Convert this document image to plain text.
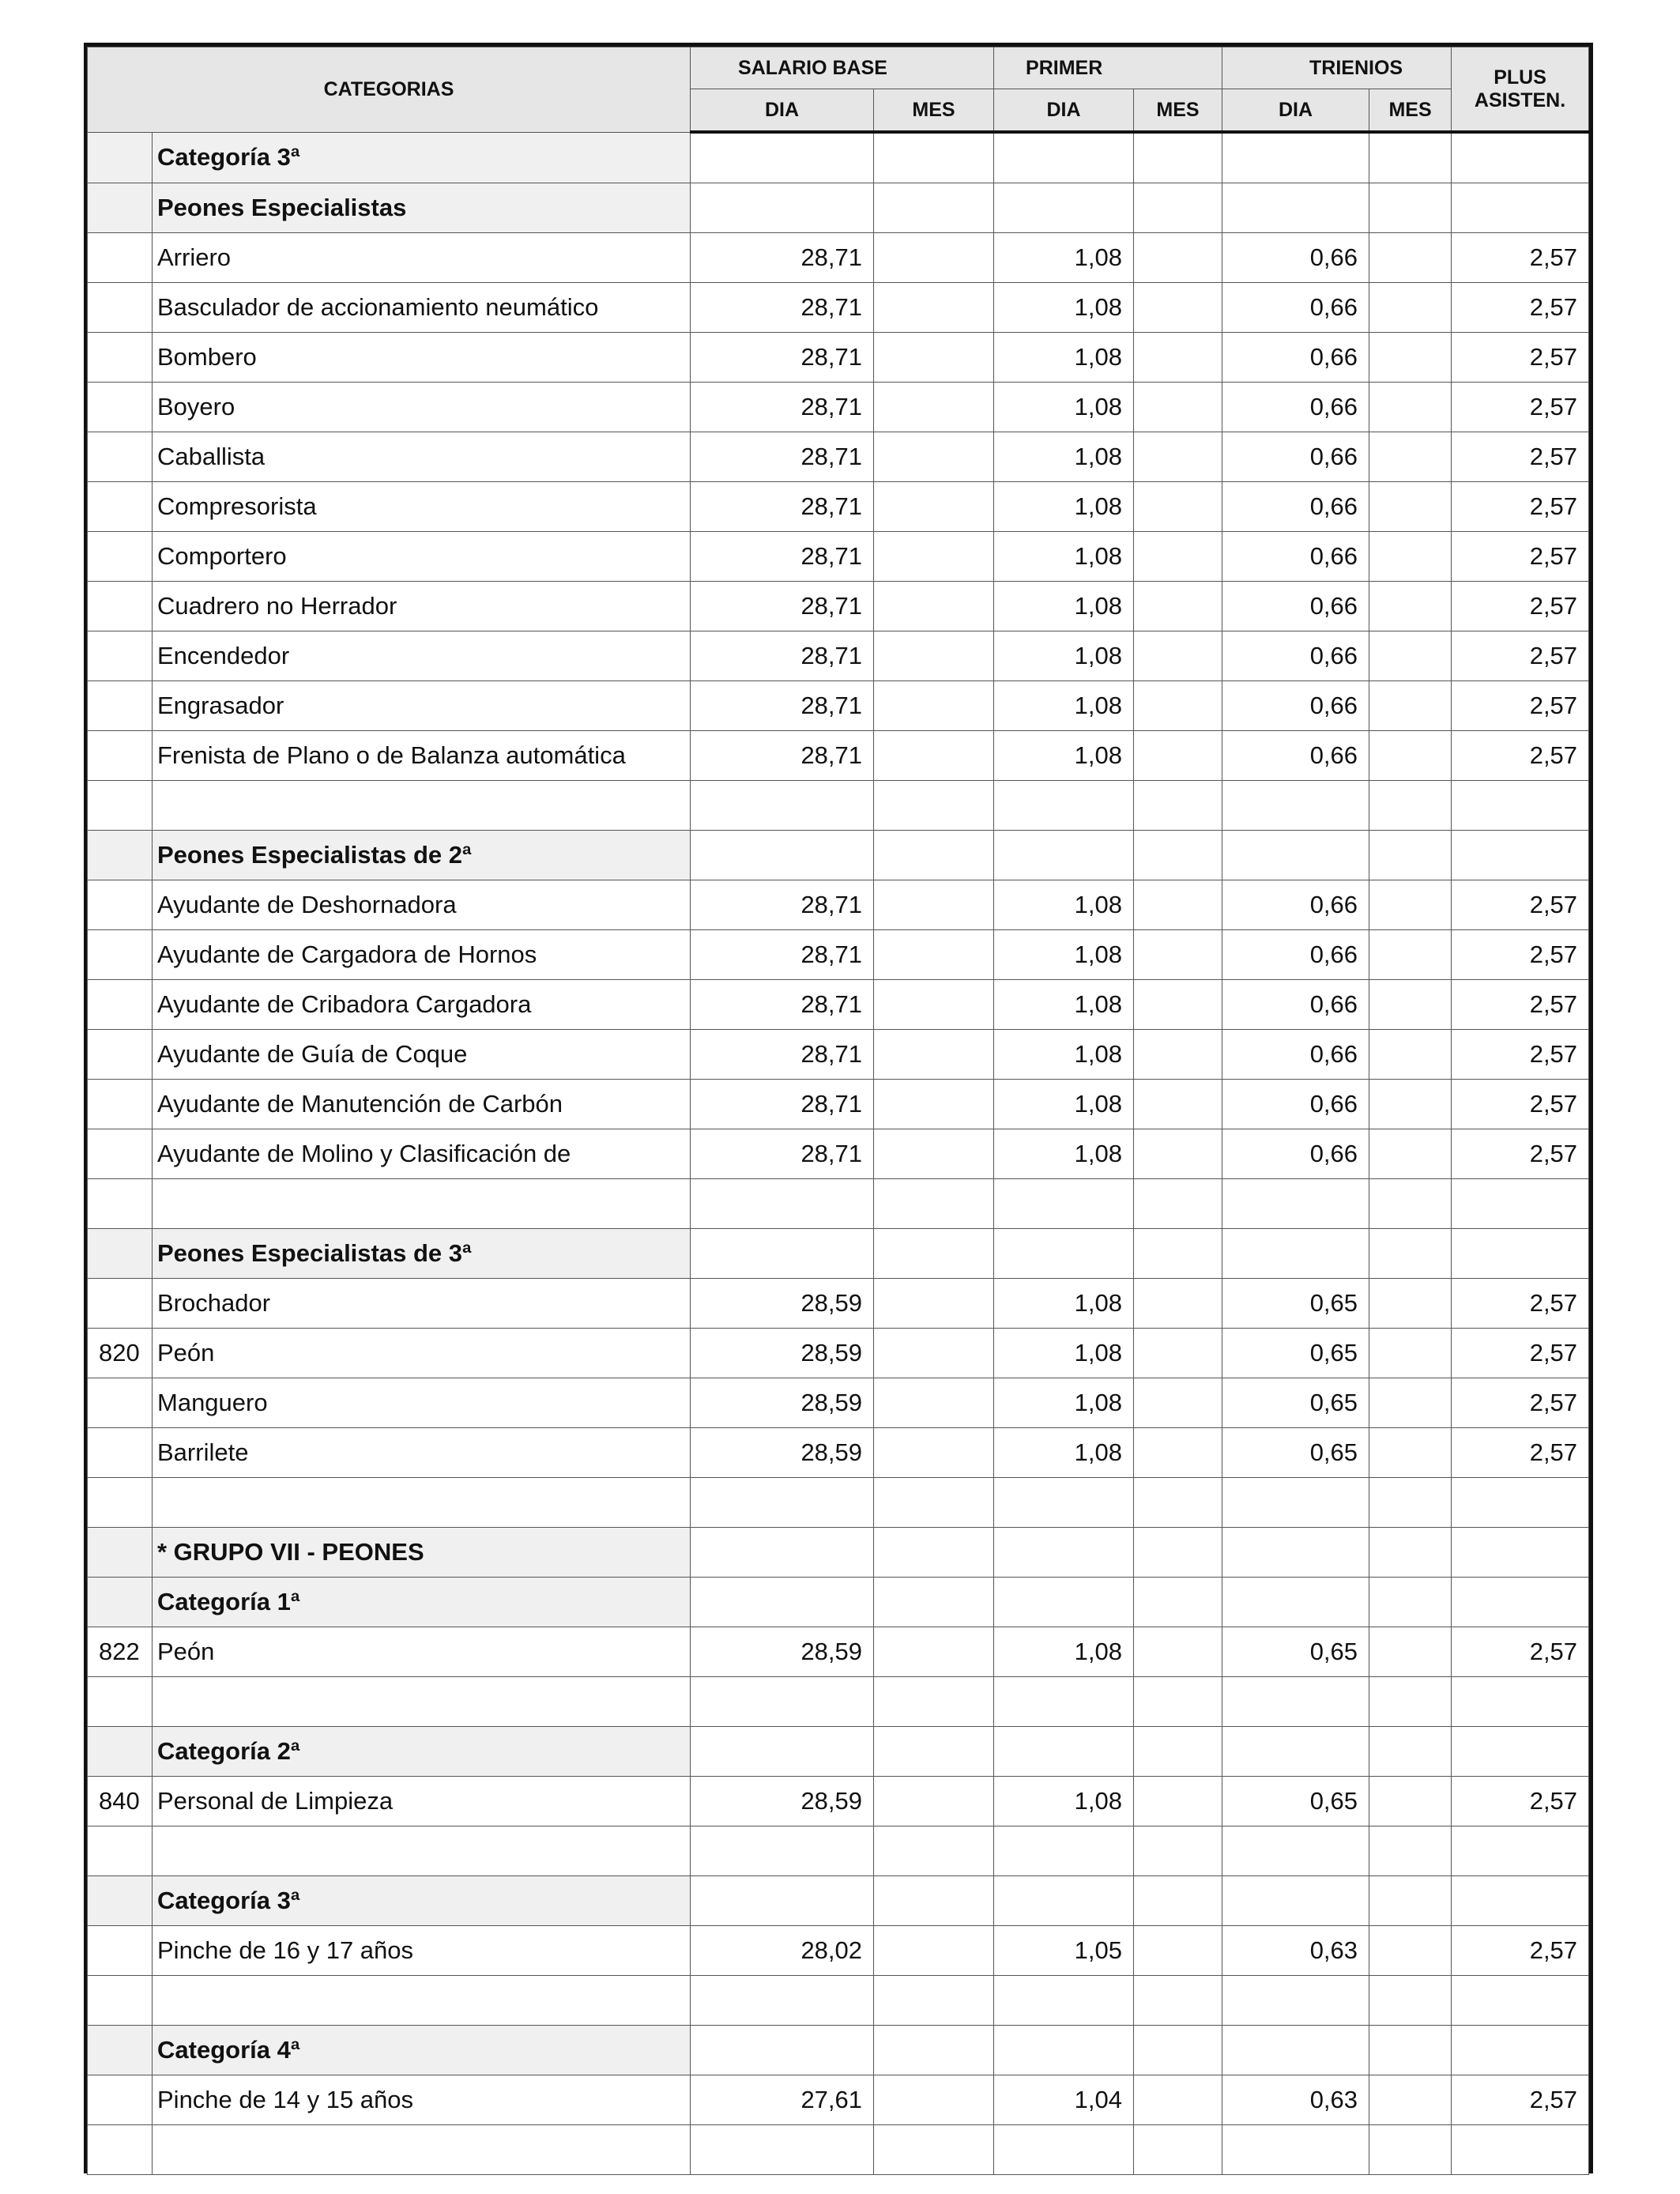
CATEGORIAS		SALARIO BASE		PRIMER		TRIENIOS		PLUS
ASISTEN.
		DIA	MES	DIA	MES	DIA	MES	
	Categoría 3ª							
	Peones Especialistas							
	Arriero	28,71		1,08		0,66		2,57
	Basculador de accionamiento neumático	28,71		1,08		0,66		2,57
	Bombero	28,71		1,08		0,66		2,57
	Boyero	28,71		1,08		0,66		2,57
	Caballista	28,71		1,08		0,66		2,57
	Compresorista	28,71		1,08		0,66		2,57
	Comportero	28,71		1,08		0,66		2,57
	Cuadrero no Herrador	28,71		1,08		0,66		2,57
	Encendedor	28,71		1,08		0,66		2,57
	Engrasador	28,71		1,08		0,66		2,57
	Frenista de Plano o de Balanza automática	28,71		1,08		0,66		2,57

	Peones Especialistas de 2ª							
	Ayudante de Deshornadora	28,71		1,08		0,66		2,57
	Ayudante de Cargadora de Hornos	28,71		1,08		0,66		2,57
	Ayudante de Cribadora Cargadora	28,71		1,08		0,66		2,57
	Ayudante de Guía de Coque	28,71		1,08		0,66		2,57
	Ayudante de Manutención de Carbón	28,71		1,08		0,66		2,57
	Ayudante de Molino y Clasificación de	28,71		1,08		0,66		2,57

	Peones Especialistas de 3ª							
	Brochador	28,59		1,08		0,65		2,57
820	Peón	28,59		1,08		0,65		2,57
	Manguero	28,59		1,08		0,65		2,57
	Barrilete	28,59		1,08		0,65		2,57

	* GRUPO VII - PEONES							
	Categoría 1ª							
822	Peón	28,59		1,08		0,65		2,57

	Categoría 2ª							
840	Personal de Limpieza	28,59		1,08		0,65		2,57

	Categoría 3ª							
	Pinche de 16 y 17 años	28,02		1,05		0,63		2,57

	Categoría 4ª							
	Pinche de 14 y 15 años	27,61		1,04		0,63		2,57
